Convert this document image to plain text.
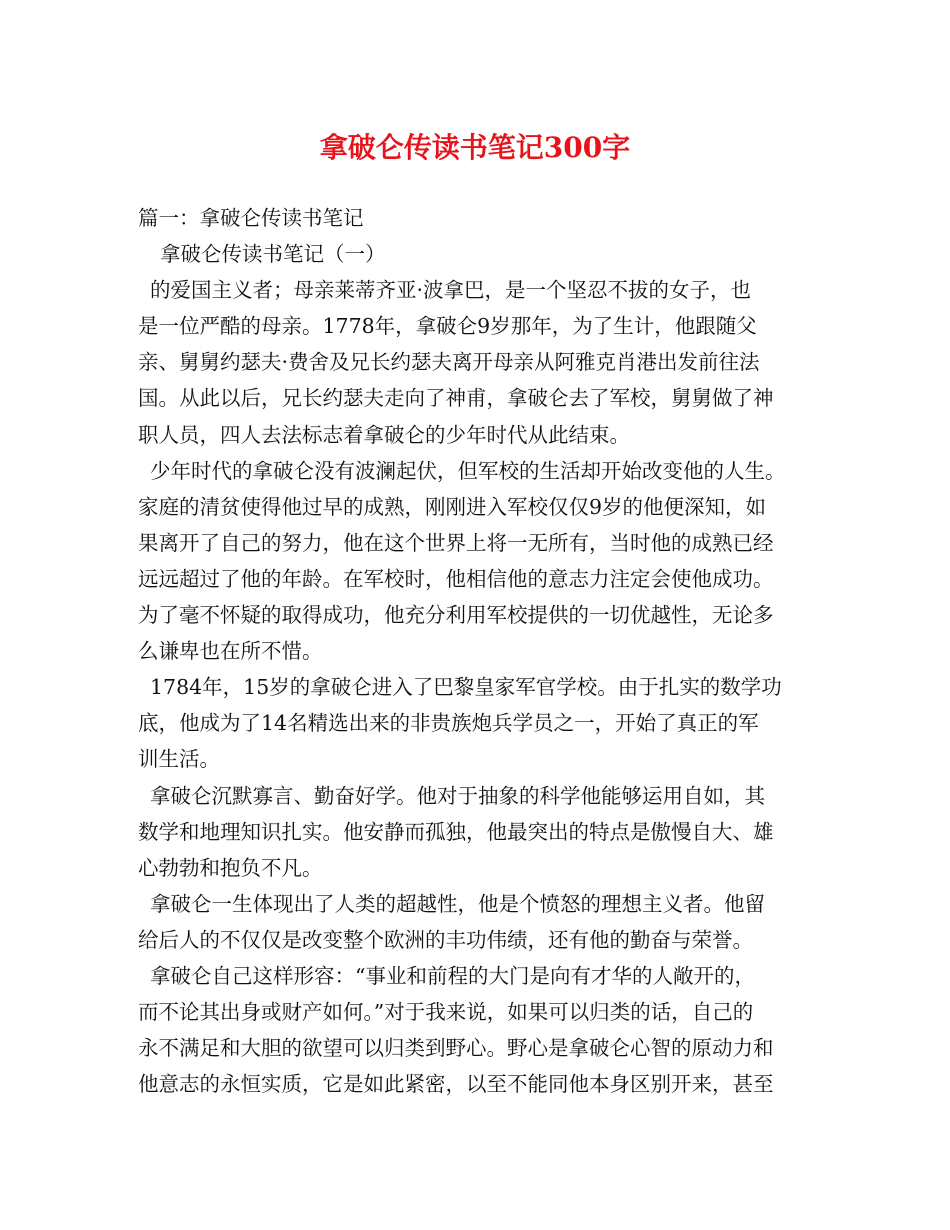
拿破仑传读书笔记300字
篇一：拿破仑传读书笔记
拿破仑传读书笔记（一）
的爱国主义者；母亲莱蒂齐亚·波拿巴，是一个坚忍不拔的女子，也
是一位严酷的母亲。1778年，拿破仑9岁那年，为了生计，他跟随父
亲、舅舅约瑟夫·费舍及兄长约瑟夫离开母亲从阿雅克肖港出发前往法
国。从此以后，兄长约瑟夫走向了神甫，拿破仑去了军校，舅舅做了神
职人员，四人去法标志着拿破仑的少年时代从此结束。
少年时代的拿破仑没有波澜起伏，但军校的生活却开始改变他的人生。
家庭的清贫使得他过早的成熟，刚刚进入军校仅仅9岁的他便深知，如
果离开了自己的努力，他在这个世界上将一无所有，当时他的成熟已经
远远超过了他的年龄。在军校时，他相信他的意志力注定会使他成功。
为了毫不怀疑的取得成功，他充分利用军校提供的一切优越性，无论多
么谦卑也在所不惜。
1784年，15岁的拿破仑进入了巴黎皇家军官学校。由于扎实的数学功
底，他成为了14名精选出来的非贵族炮兵学员之一，开始了真正的军
训生活。
拿破仑沉默寡言、勤奋好学。他对于抽象的科学他能够运用自如，其
数学和地理知识扎实。他安静而孤独，他最突出的特点是傲慢自大、雄
心勃勃和抱负不凡。
拿破仑一生体现出了人类的超越性，他是个愤怒的理想主义者。他留
给后人的不仅仅是改变整个欧洲的丰功伟绩，还有他的勤奋与荣誉。
拿破仑自己这样形容：“事业和前程的大门是向有才华的人敞开的，
而不论其出身或财产如何。”对于我来说，如果可以归类的话，自己的
永不满足和大胆的欲望可以归类到野心。野心是拿破仑心智的原动力和
他意志的永恒实质，它是如此紧密，以至不能同他本身区别开来，甚至
